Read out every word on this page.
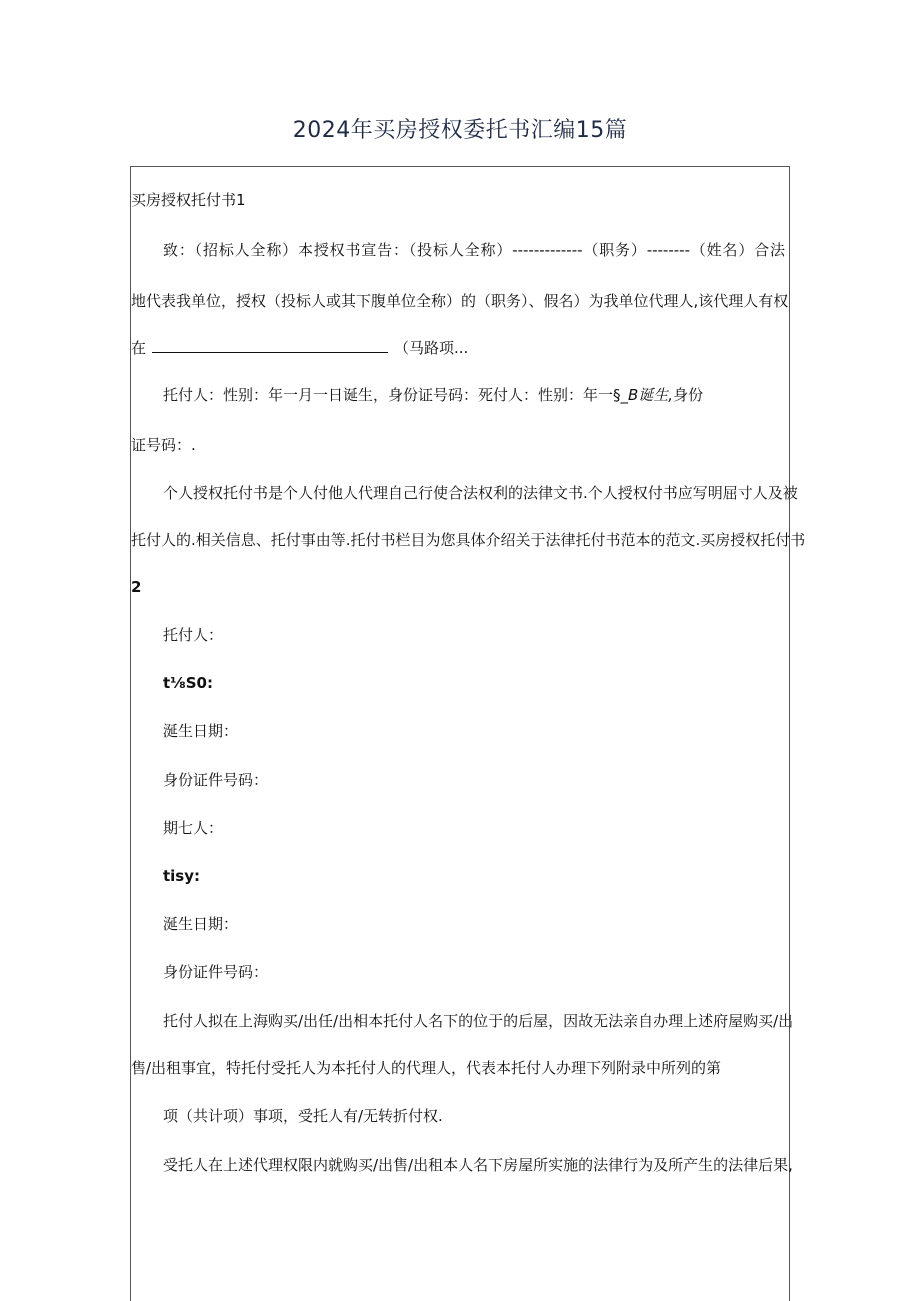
2024年买房授权委托书汇编15篇
买房授权托付书1
致：（招标人全称）本授权书宣告：（投标人全称）-------------（职务）--------（姓名）合法
地代表我单位，授权（投标人或其下腹单位全称）的（职务）、假名）为我单位代理人,该代理人有权
在	（马路项...
托付人：性别：年一月一日诞生，身份证号码：死付人：性别：年一§_B诞生,身份
证号码：.
个人授权托付书是个人付他人代理自己行使合法权利的法律文书.个人授权付书应写明屈寸人及被
托付人的.相关信息、托付事由等.托付书栏目为您具体介绍关于法律托付书范本的范文.买房授权托付书
2
托付人：
t⅛S0:
涎生日期：
身份证件号码：
期七人：
tisy:
涎生日期：
身份证件号码：
托付人拟在上海购买/出任/出相本托付人名下的位于的后屋，因故无法亲自办理上述府屋购买/出
售/出租事宜，特托付受托人为本托付人的代理人，代表本托付人办理下列附录中所列的第
项（共计项）事项，受托人有/无转折付权.
受托人在上述代理权限内就购买/出售/出租本人名下房屋所实施的法律行为及所产生的法律后果,
